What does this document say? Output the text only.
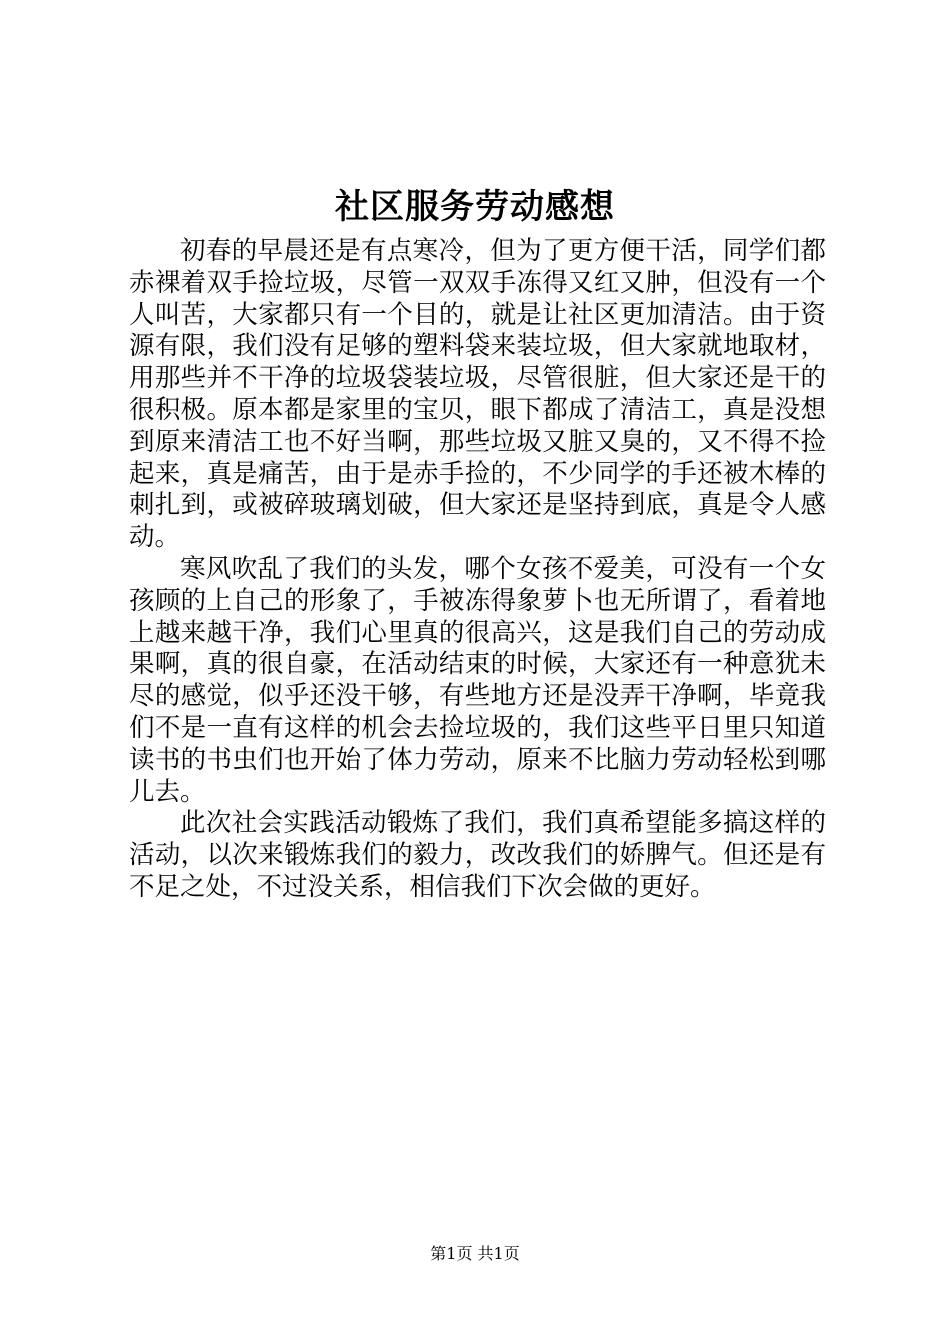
社区服务劳动感想

初春的早晨还是有点寒冷，但为了更方便干活，同学们都赤裸着双手捡垃圾，尽管一双双手冻得又红又肿，但没有一个人叫苦，大家都只有一个目的，就是让社区更加清洁。由于资源有限，我们没有足够的塑料袋来装垃圾，但大家就地取材，用那些并不干净的垃圾袋装垃圾，尽管很脏，但大家还是干的很积极。原本都是家里的宝贝，眼下都成了清洁工，真是没想到原来清洁工也不好当啊，那些垃圾又脏又臭的，又不得不捡起来，真是痛苦，由于是赤手捡的，不少同学的手还被木棒的刺扎到，或被碎玻璃划破，但大家还是坚持到底，真是令人感动。

寒风吹乱了我们的头发，哪个女孩不爱美，可没有一个女孩顾的上自己的形象了，手被冻得象萝卜也无所谓了，看着地上越来越干净，我们心里真的很高兴，这是我们自己的劳动成果啊，真的很自豪，在活动结束的时候，大家还有一种意犹未尽的感觉，似乎还没干够，有些地方还是没弄干净啊，毕竟我们不是一直有这样的机会去捡垃圾的，我们这些平日里只知道读书的书虫们也开始了体力劳动，原来不比脑力劳动轻松到哪儿去。

此次社会实践活动锻炼了我们，我们真希望能多搞这样的活动，以次来锻炼我们的毅力，改改我们的娇脾气。但还是有不足之处，不过没关系，相信我们下次会做的更好。

第1页 共1页
